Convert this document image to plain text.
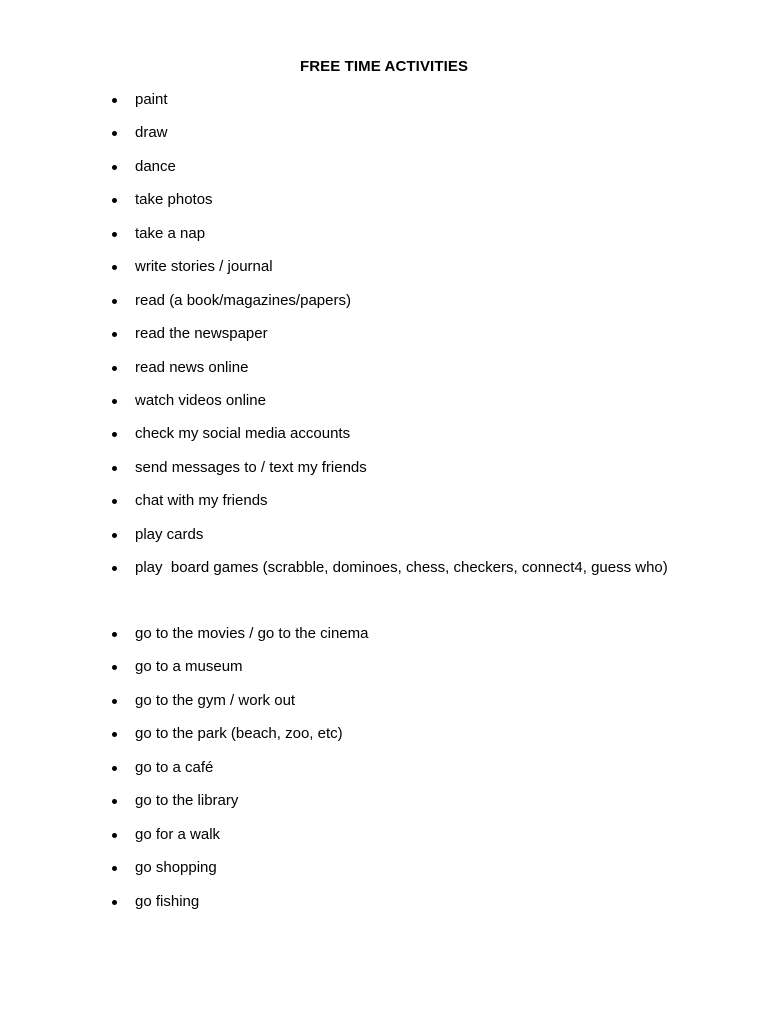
FREE TIME ACTIVITIES
paint
draw
dance
take photos
take a nap
write stories / journal
read (a book/magazines/papers)
read the newspaper
read news online
watch videos online
check my social media accounts
send messages to / text my friends
chat with my friends
play cards
play  board games (scrabble, dominoes, chess, checkers, connect4, guess who)
go to the movies / go to the cinema
go to a museum
go to the gym / work out
go to the park (beach, zoo, etc)
go to a café
go to the library
go for a walk
go shopping
go fishing
